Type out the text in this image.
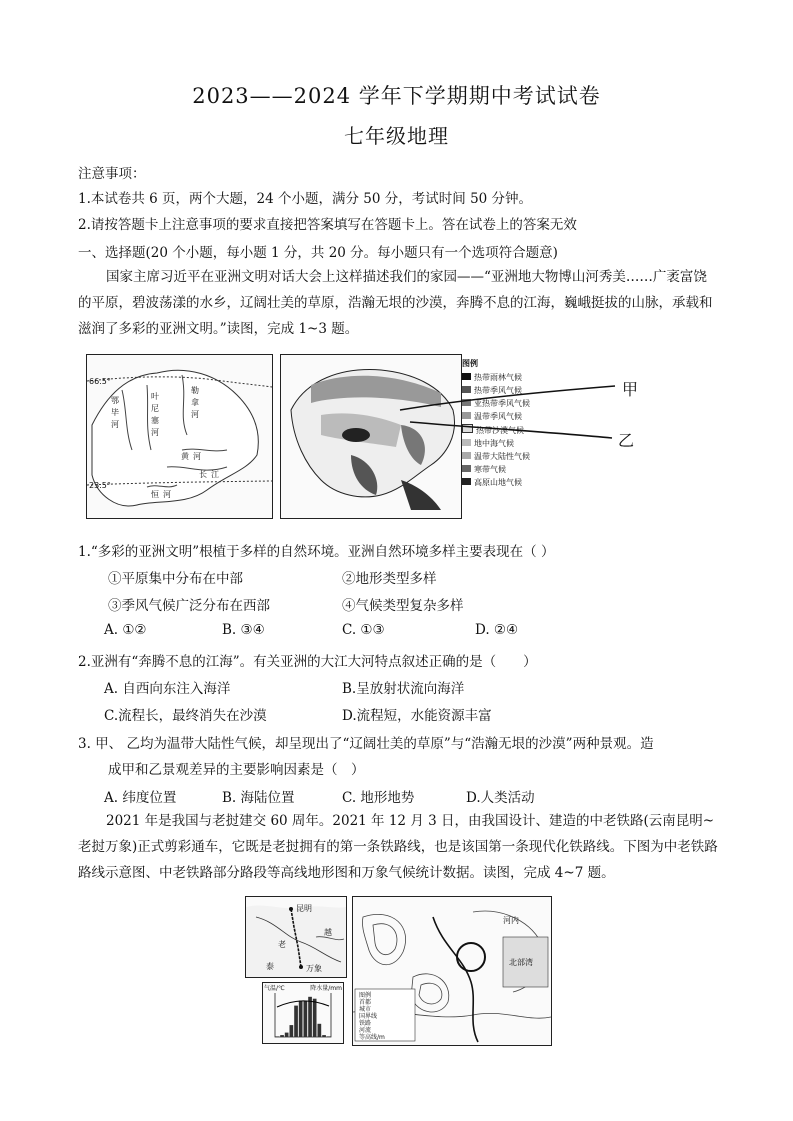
2023——2024 学年下学期期中考试试卷
七年级地理
注意事项：
1.本试卷共 6 页，两个大题，24 个小题，满分 50 分，考试时间 50 分钟。
2.请按答题卡上注意事项的要求直接把答案填写在答题卡上。答在试卷上的答案无效
一、选择题(20 个小题，每小题 1 分，共 20 分。每小题只有一个选项符合题意)
国家主席习近平在亚洲文明对话大会上这样描述我们的家园——“亚洲地大物博山河秀美……广袤富饶的平原，碧波荡漾的水乡，辽阔壮美的草原，浩瀚无垠的沙漠，奔腾不息的江海，巍峨挺拔的山脉，承载和滋润了多彩的亚洲文明。”读图，完成 1~3 题。
66.5°
23.5°
叶
尼
塞
河
勒
拿
河
鄂
毕
河
黄 河
恒 河
长 江
图例
热带雨林气候
热带季风气候
亚热带季风气候
温带季风气候
热带沙漠气候
地中海气候
温带大陆性气候
寒带气候
高原山地气候
甲
乙
1.“多彩的亚洲文明”根植于多样的自然环境。亚洲自然环境多样主要表现在（ ）
①平原集中分布在中部	②地形类型多样
③季风气候广泛分布在西部	④气候类型复杂多样
A. ①②	B. ③④	C. ①③	D. ②④
2.亚洲有“奔腾不息的江海”。有关亚洲的大江大河特点叙述正确的是（　　）
A. 自西向东注入海洋	B.呈放射状流向海洋
C.流程长，最终消失在沙漠	D.流程短，水能资源丰富
3. 甲、 乙均为温带大陆性气候，却呈现出了“辽阔壮美的草原”与“浩瀚无垠的沙漠”两种景观。造
成甲和乙景观差异的主要影响因素是（　）
A. 纬度位置	B. 海陆位置	C. 地形地势	D.人类活动
2021 年是我国与老挝建交 60 周年。2021 年 12 月 3 日，由我国设计、建造的中老铁路(云南昆明~老挝万象)正式剪彩通车，它既是老挝拥有的第一条铁路线，也是该国第一条现代化铁路线。下图为中老铁路路线示意图、中老铁路部分路段等高线地形图和万象气候统计数据。读图，完成 4~7 题。
昆明
越
老
泰	万象
图例
首都
城市
国界线
铁路
河流
等高线/m
北部湾
河内
气温/℃	降水量/mm
